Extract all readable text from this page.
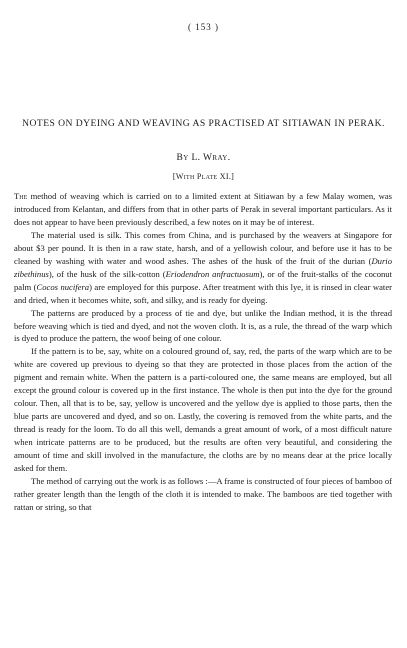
( 153 )
NOTES ON DYEING AND WEAVING AS PRACTISED AT SITIAWAN IN PERAK.
By L. Wray.
[With Plate XI.]

The method of weaving which is carried on to a limited extent at Sitiawan by a few Malay women, was introduced from Kelantan, and differs from that in other parts of Perak in several important particulars. As it does not appear to have been previously described, a few notes on it may be of interest.

The material used is silk. This comes from China, and is purchased by the weavers at Singapore for about $3 per pound. It is then in a raw state, harsh, and of a yellowish colour, and before use it has to be cleaned by washing with water and wood ashes. The ashes of the husk of the fruit of the durian (Durio zibethinus), of the husk of the silk-cotton (Eriodendron anfractuosum), or of the fruit-stalks of the coconut palm (Cocos nucifera) are employed for this purpose. After treatment with this lye, it is rinsed in clear water and dried, when it becomes white, soft, and silky, and is ready for dyeing.

The patterns are produced by a process of tie and dye, but unlike the Indian method, it is the thread before weaving which is tied and dyed, and not the woven cloth. It is, as a rule, the thread of the warp which is dyed to produce the pattern, the woof being of one colour.

If the pattern is to be, say, white on a coloured ground of, say, red, the parts of the warp which are to be white are covered up previous to dyeing so that they are protected in those places from the action of the pigment and remain white. When the pattern is a parti-coloured one, the same means are employed, but all except the ground colour is covered up in the first instance. The whole is then put into the dye for the ground colour. Then, all that is to be, say, yellow is uncovered and the yellow dye is applied to those parts, then the blue parts are uncovered and dyed, and so on. Lastly, the covering is removed from the white parts, and the thread is ready for the loom. To do all this well, demands a great amount of work, of a most difficult nature when intricate patterns are to be produced, but the results are often very beautiful, and considering the amount of time and skill involved in the manufacture, the cloths are by no means dear at the price locally asked for them.

The method of carrying out the work is as follows :—A frame is constructed of four pieces of bamboo of rather greater length than the length of the cloth it is intended to make. The bamboos are tied together with rattan or string, so that
